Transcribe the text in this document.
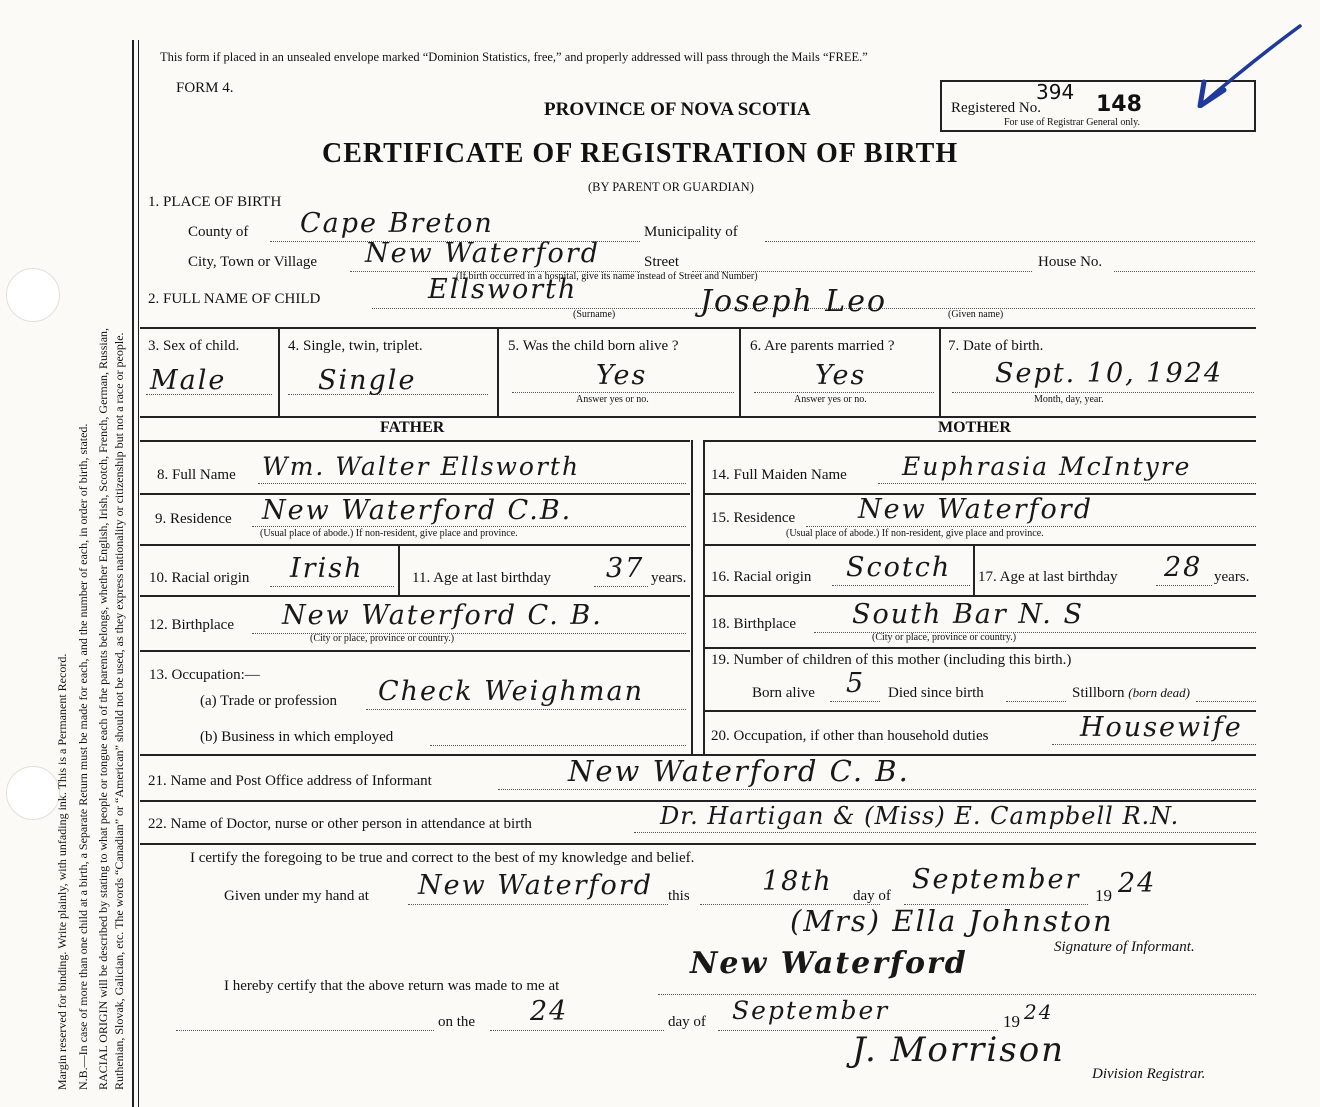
Margin reserved for binding. Write plainly, with unfading ink. This is a Permanent Record. N.B.—In case of more than one child at a birth, a Separate Return must be made for each, and the number of each, in order of birth, stated. RACIAL ORIGIN will be described by stating to what people or tongue each of the parents belongs, whether English, Irish, Scotch, French, German, Russian, Ruthenian, Slovak, Galician, etc. The words “Canadian” or “American” should not be used, as they express nationality or citizenship but not a race or people.
This form if placed in an unsealed envelope marked “Dominion Statistics, free,” and properly addressed will pass through the Mails “FREE.”
FORM 4.
PROVINCE OF NOVA SCOTIA
CERTIFICATE OF REGISTRATION OF BIRTH
(BY PARENT OR GUARDIAN)
Registered No.
394 148
For use of Registrar General only.
1. PLACE OF BIRTH
County of Cape Breton	Municipality of
City, Town or Village New Waterford	Street	House No.
(If birth occurred in a hospital, give its name instead of Street and Number)
2. FULL NAME OF CHILD	Ellsworth	Joseph Leo
(Surname)	(Given name)
3. Sex of child.
Male
4. Single, twin, triplet.
Single
5. Was the child born alive ?
Yes
Answer yes or no.
6. Are parents married ?
Yes
Answer yes or no.
7. Date of birth.
Sept. 10, 1924
Month, day, year.
FATHER	MOTHER
8. Full Name Wm. Walter Ellsworth
9. Residence New Waterford C.B.
(Usual place of abode.) If non-resident, give place and province.
10. Racial origin Irish	11. Age at last birthday 37 years.
12. Birthplace New Waterford C. B.
(City or place, province or country.)
13. Occupation:—
(a) Trade or profession Check Weighman
(b) Business in which employed
14. Full Maiden Name Euphrasia McIntyre
15. Residence New Waterford
(Usual place of abode.) If non-resident, give place and province.
16. Racial origin Scotch 17. Age at last birthday 28 years.
18. Birthplace South Bar N. S
(City or place, province or country.)
19. Number of children of this mother (including this birth.)
Born alive 5 Died since birth	Stillborn (born dead)
20. Occupation, if other than household duties	Housewife
21. Name and Post Office address of Informant	New Waterford C. B.
22. Name of Doctor, nurse or other person in attendance at birth	Dr. Hartigan & (Miss) E. Campbell R.N.
I certify the foregoing to be true and correct to the best of my knowledge and belief.
Given under my hand at New Waterford this	18th day of
September
19 24
(Mrs) Ella Johnston
Signature of Informant.
I hereby certify that the above return was made to me at
New Waterford
on the 24	day of September	19 24
J. Morrison
Division Registrar.
